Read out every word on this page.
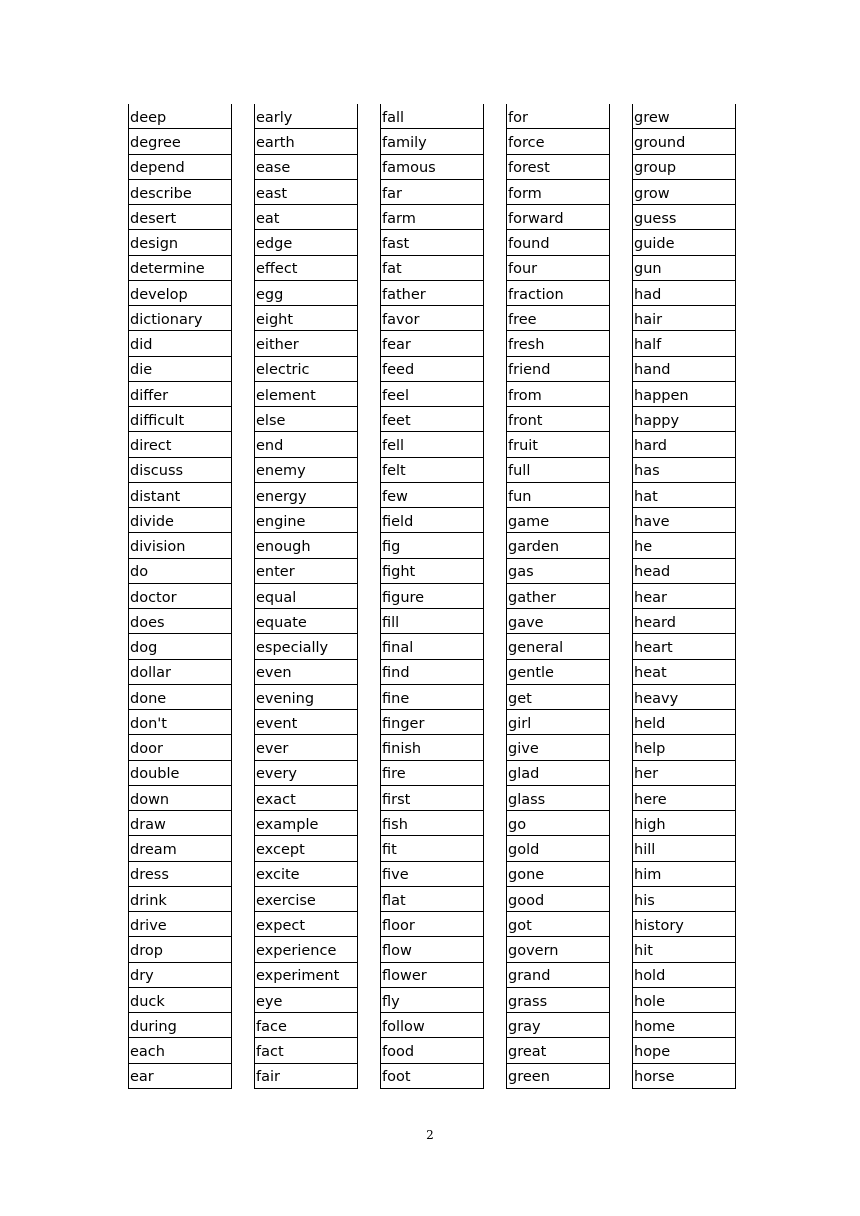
deep
degree
depend
describe
desert
design
determine
develop
dictionary
did
die
differ
difficult
direct
discuss
distant
divide
division
do
doctor
does
dog
dollar
done
don't
door
double
down
draw
dream
dress
drink
drive
drop
dry
duck
during
each
ear
early
earth
ease
east
eat
edge
effect
egg
eight
either
electric
element
else
end
enemy
energy
engine
enough
enter
equal
equate
especially
even
evening
event
ever
every
exact
example
except
excite
exercise
expect
experience
experiment
eye
face
fact
fair
fall
family
famous
far
farm
fast
fat
father
favor
fear
feed
feel
feet
fell
felt
few
field
fig
fight
figure
fill
final
find
fine
finger
finish
fire
first
fish
fit
five
flat
floor
flow
flower
fly
follow
food
foot
for
force
forest
form
forward
found
four
fraction
free
fresh
friend
from
front
fruit
full
fun
game
garden
gas
gather
gave
general
gentle
get
girl
give
glad
glass
go
gold
gone
good
got
govern
grand
grass
gray
great
green
grew
ground
group
grow
guess
guide
gun
had
hair
half
hand
happen
happy
hard
has
hat
have
he
head
hear
heard
heart
heat
heavy
held
help
her
here
high
hill
him
his
history
hit
hold
hole
home
hope
horse
2
